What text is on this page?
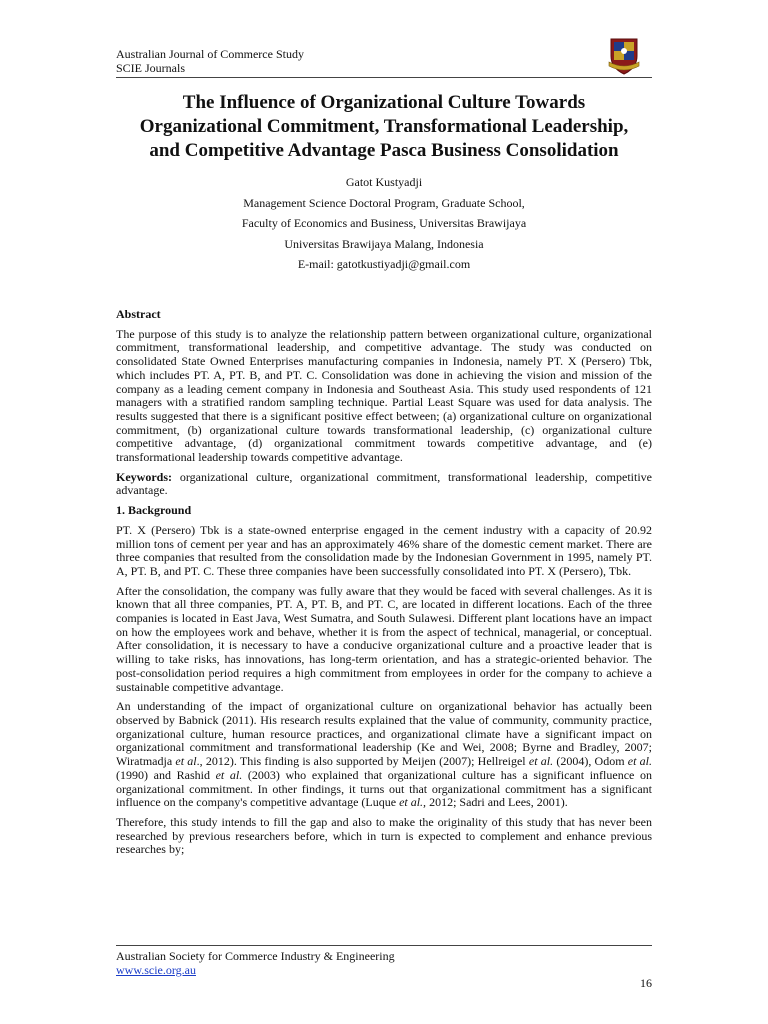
Australian Journal of Commerce Study
SCIE Journals
The Influence of Organizational Culture Towards
Organizational Commitment, Transformational Leadership,
and Competitive Advantage Pasca Business Consolidation
Gatot Kustyadji
Management Science Doctoral Program, Graduate School,
Faculty of Economics and Business, Universitas Brawijaya
Universitas Brawijaya Malang, Indonesia
E-mail: gatotkustiyadji@gmail.com
Abstract

The purpose of this study is to analyze the relationship pattern between organizational culture, organizational commitment, transformational leadership, and competitive advantage. The study was conducted on consolidated State Owned Enterprises manufacturing companies in Indonesia, namely PT. X (Persero) Tbk, which includes PT. A, PT. B, and PT. C. Consolidation was done in achieving the vision and mission of the company as a leading cement company in Indonesia and Southeast Asia. This study used respondents of 121 managers with a stratified random sampling technique. Partial Least Square was used for data analysis. The results suggested that there is a significant positive effect between; (a) organizational culture on organizational commitment, (b) organizational culture towards transformational leadership, (c) organizational culture competitive advantage, (d) organizational commitment towards competitive advantage, and (e) transformational leadership towards competitive advantage.

Keywords: organizational culture, organizational commitment, transformational leadership, competitive advantage.

1. Background

PT. X (Persero) Tbk is a state-owned enterprise engaged in the cement industry with a capacity of 20.92 million tons of cement per year and has an approximately 46% share of the domestic cement market. There are three companies that resulted from the consolidation made by the Indonesian Government in 1995, namely PT. A, PT. B, and PT. C. These three companies have been successfully consolidated into PT. X (Persero), Tbk.

After the consolidation, the company was fully aware that they would be faced with several challenges. As it is known that all three companies, PT. A, PT. B, and PT. C, are located in different locations. Each of the three companies is located in East Java, West Sumatra, and South Sulawesi. Different plant locations have an impact on how the employees work and behave, whether it is from the aspect of technical, managerial, or conceptual. After consolidation, it is necessary to have a conducive organizational culture and a proactive leader that is willing to take risks, has innovations, has long-term orientation, and has a strategic-oriented behavior. The post-consolidation period requires a high commitment from employees in order for the company to achieve a sustainable competitive advantage.

An understanding of the impact of organizational culture on organizational behavior has actually been observed by Babnick (2011). His research results explained that the value of community, community practice, organizational culture, human resource practices, and organizational climate have a significant impact on organizational commitment and transformational leadership (Ke and Wei, 2008; Byrne and Bradley, 2007; Wiratmadja et al., 2012). This finding is also supported by Meijen (2007); Hellreigel et al. (2004), Odom et al. (1990) and Rashid et al. (2003) who explained that organizational culture has a significant influence on organizational commitment. In other findings, it turns out that organizational commitment has a significant influence on the company's competitive advantage (Luque et al., 2012; Sadri and Lees, 2001).

Therefore, this study intends to fill the gap and also to make the originality of this study that has never been researched by previous researchers before, which in turn is expected to complement and enhance previous researches by;

Australian Society for Commerce Industry & Engineering
www.scie.org.au
16
